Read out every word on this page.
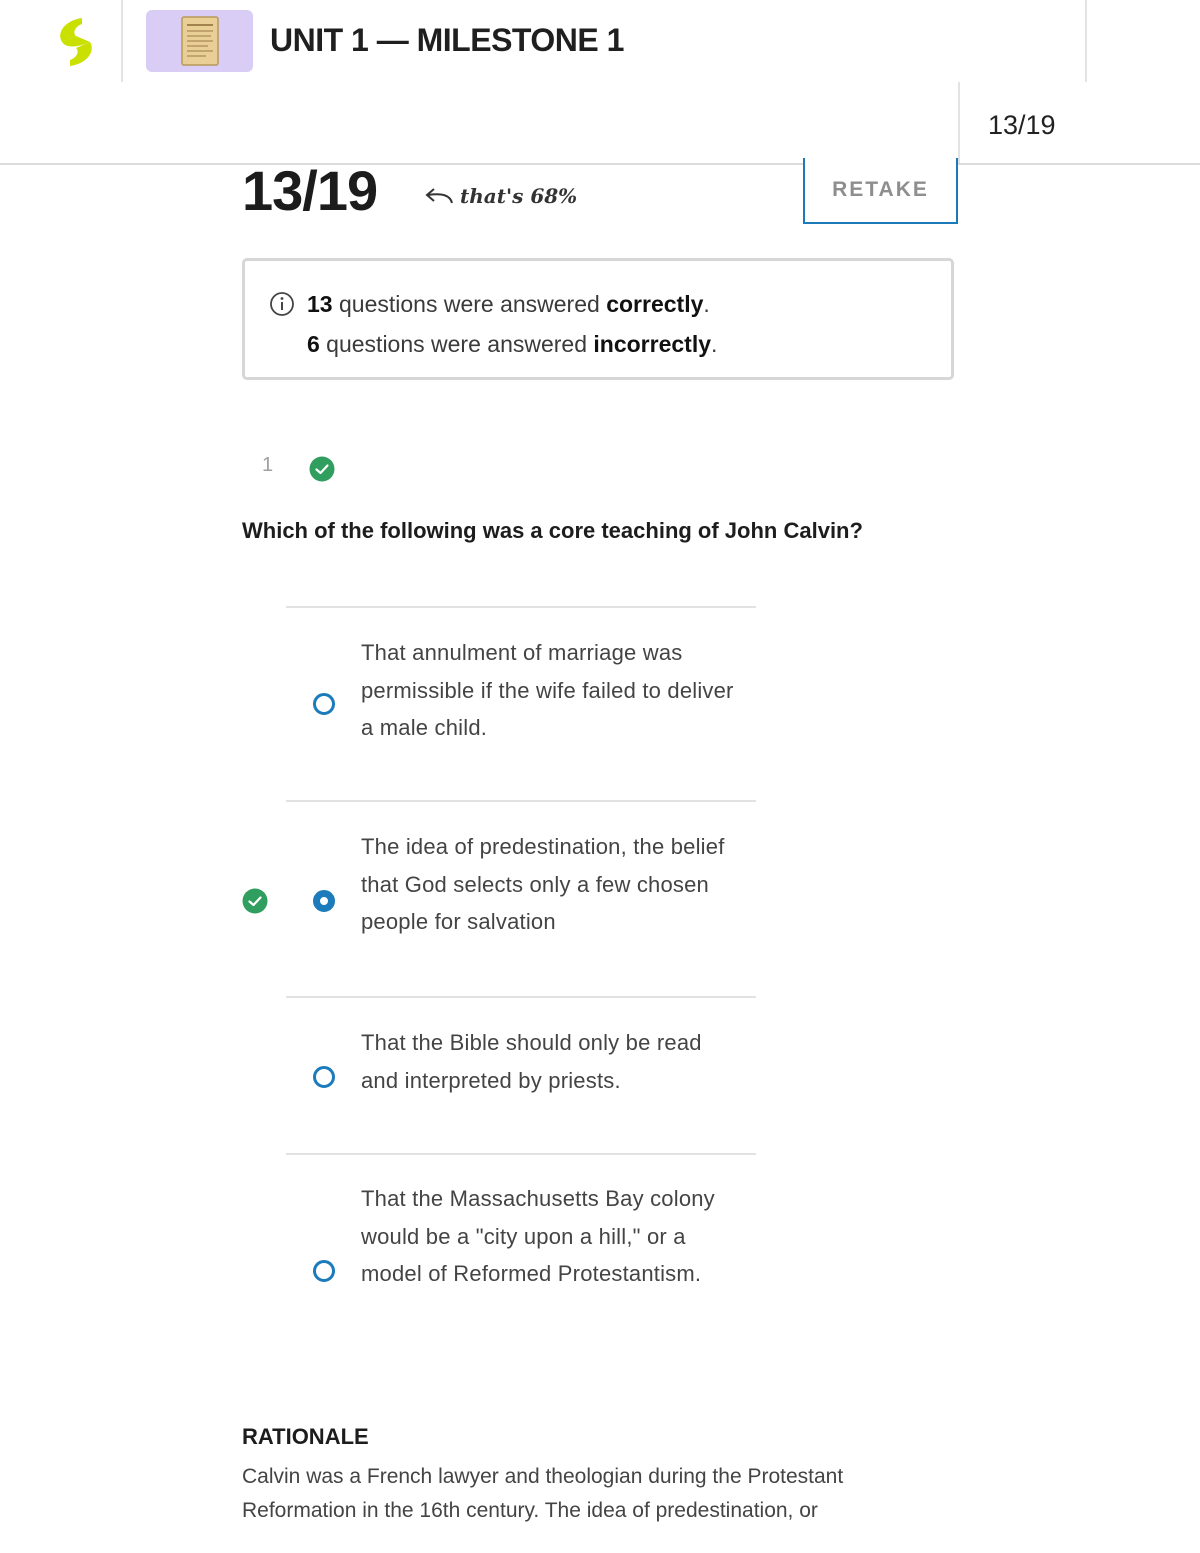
UNIT 1 — MILESTONE 1
13/19
13/19	that's 68%	RETAKE
13 questions were answered correctly.
6 questions were answered incorrectly.
1
Which of the following was a core teaching of John Calvin?
That annulment of marriage was permissible if the wife failed to deliver a male child.
The idea of predestination, the belief that God selects only a few chosen people for salvation
That the Bible should only be read and interpreted by priests.
That the Massachusetts Bay colony would be a "city upon a hill," or a model of Reformed Protestantism.
RATIONALE
Calvin was a French lawyer and theologian during the Protestant Reformation in the 16th century. The idea of predestination, or
